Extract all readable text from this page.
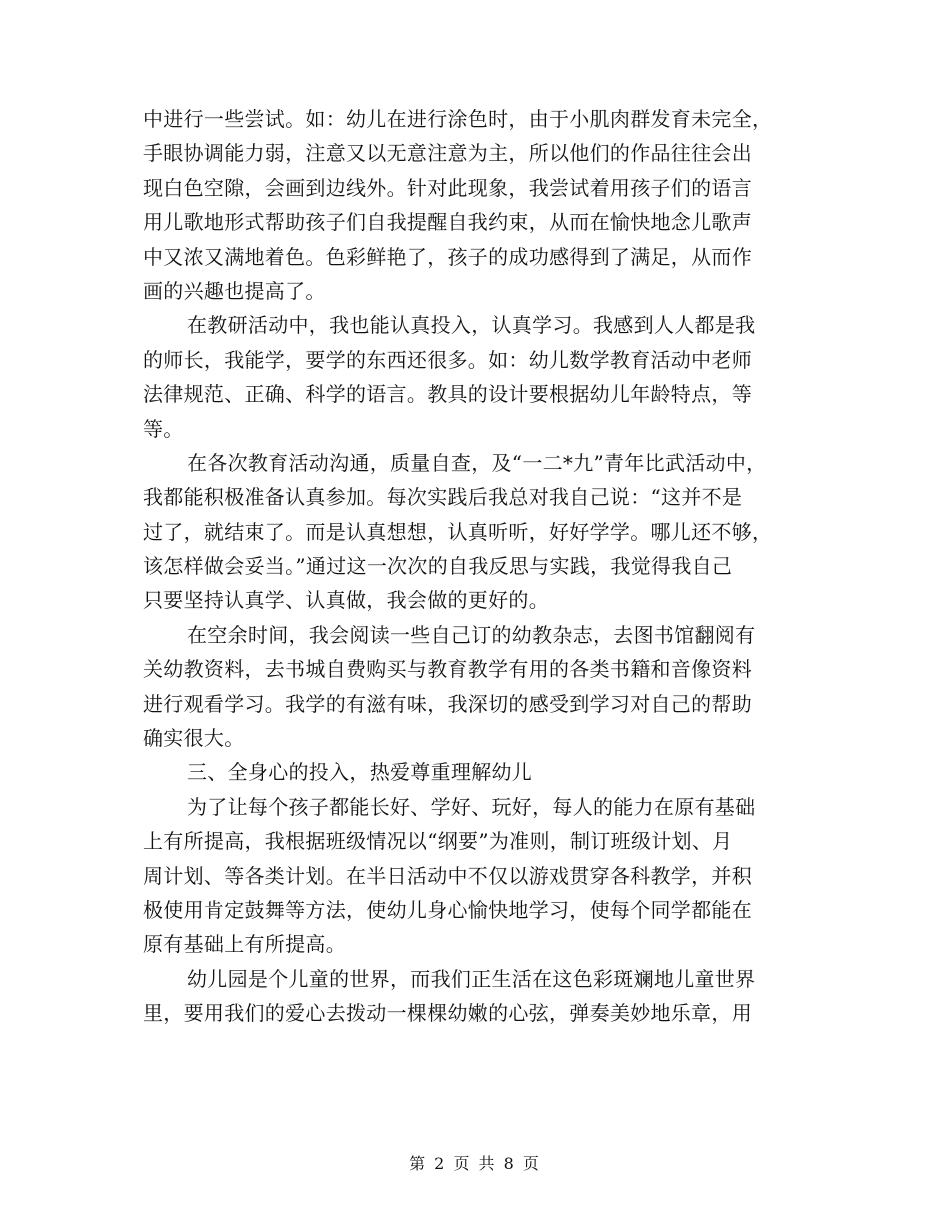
中进行一些尝试。如：幼儿在进行涂色时，由于小肌肉群发育未完全，
手眼协调能力弱，注意又以无意注意为主，所以他们的作品往往会出
现白色空隙，会画到边线外。针对此现象，我尝试着用孩子们的语言
用儿歌地形式帮助孩子们自我提醒自我约束，从而在愉快地念儿歌声
中又浓又满地着色。色彩鲜艳了，孩子的成功感得到了满足，从而作
画的兴趣也提高了。
在教研活动中，我也能认真投入，认真学习。我感到人人都是我
的师长，我能学，要学的东西还很多。如：幼儿数学教育活动中老师
法律规范、正确、科学的语言。教具的设计要根据幼儿年龄特点，等
等。
在各次教育活动沟通，质量自查，及“一二*九”青年比武活动中，
我都能积极准备认真参加。每次实践后我总对我自己说：“这并不是
过了，就结束了。而是认真想想，认真听听，好好学学。哪儿还不够，
该怎样做会妥当。”通过这一次次的自我反思与实践，我觉得我自己
只要坚持认真学、认真做，我会做的更好的。
在空余时间，我会阅读一些自己订的幼教杂志，去图书馆翻阅有
关幼教资料，去书城自费购买与教育教学有用的各类书籍和音像资料
进行观看学习。我学的有滋有味，我深切的感受到学习对自己的帮助
确实很大。
三、全身心的投入，热爱尊重理解幼儿
为了让每个孩子都能长好、学好、玩好，每人的能力在原有基础
上有所提高，我根据班级情况以“纲要”为准则，制订班级计划、月
周计划、等各类计划。在半日活动中不仅以游戏贯穿各科教学，并积
极使用肯定鼓舞等方法，使幼儿身心愉快地学习，使每个同学都能在
原有基础上有所提高。
幼儿园是个儿童的世界，而我们正生活在这色彩斑斓地儿童世界
里，要用我们的爱心去拨动一棵棵幼嫩的心弦，弹奏美妙地乐章，用
第 2 页 共 8 页
